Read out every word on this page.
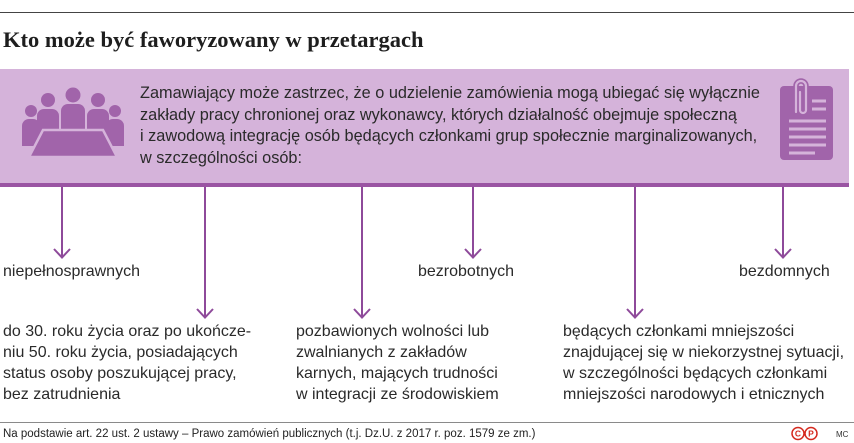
Kto może być faworyzowany w przetargach
Zamawiający może zastrzec, że o udzielenie zamówienia mogą ubiegać się wyłącznie
zakłady pracy chronionej oraz wykonawcy, których działalność obejmuje społeczną
i zawodową integrację osób będących członkami grup społecznie marginalizowanych,
w szczególności osób:
C P
niepełnosprawnych
do 30. roku życia oraz po ukończe-
niu 50. roku życia, posiadających
status osoby poszukującej pracy,
bez zatrudnienia
pozbawionych wolności lub
zwalnianych z zakładów
karnych, mających trudności
w integracji ze środowiskiem
bezrobotnych
będących członkami mniejszości
znajdującej się w niekorzystnej sytuacji,
w szczególności będących członkami
mniejszości narodowych i etnicznych
bezdomnych
Na podstawie art. 22 ust. 2 ustawy – Prawo zamówień publicznych (t.j. Dz.U. z 2017 r. poz. 1579 ze zm.)	MC
